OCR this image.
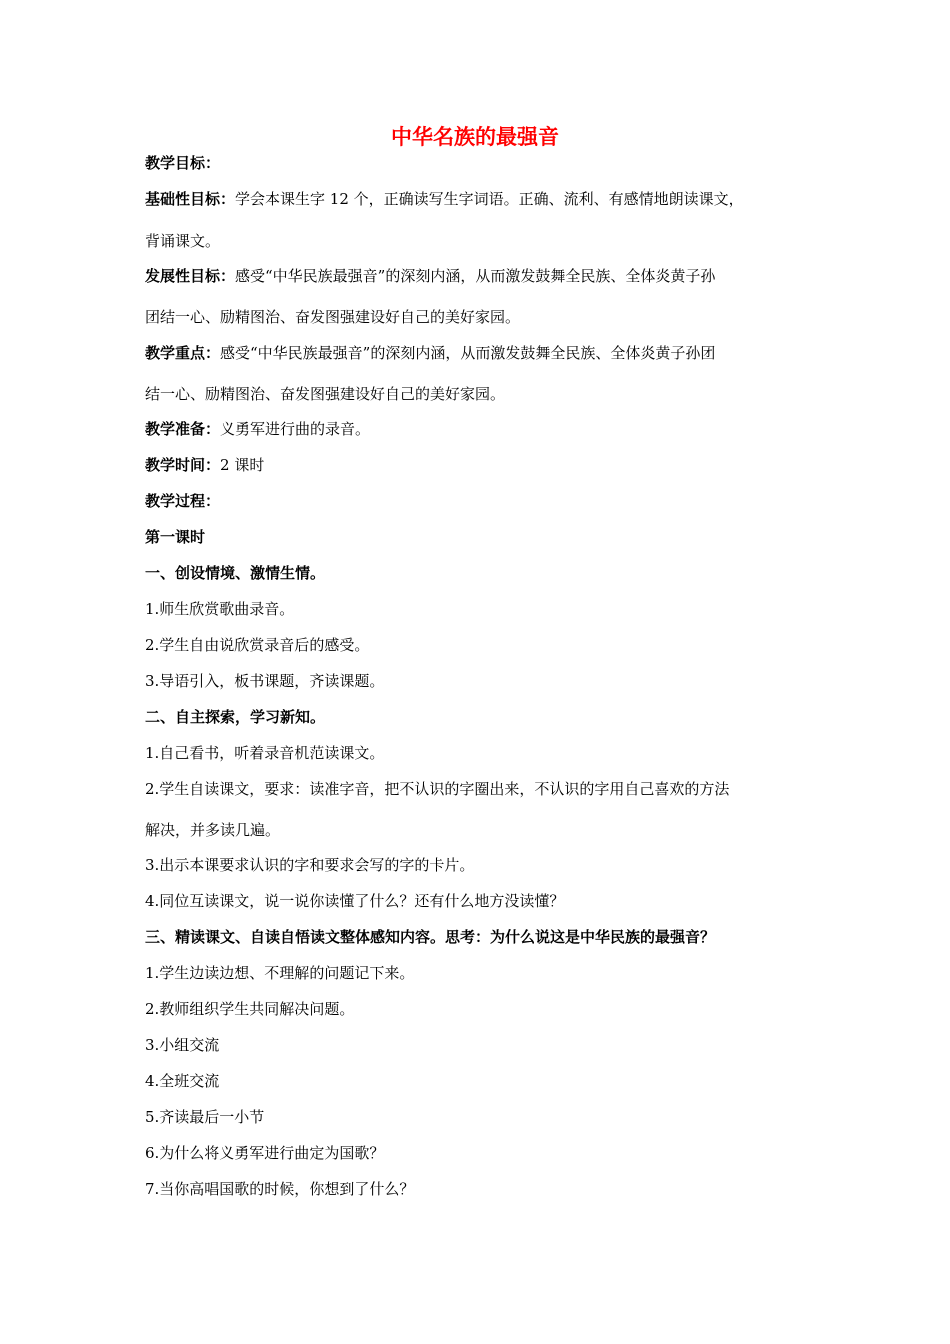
中华名族的最强音
教学目标：
基础性目标：学会本课生字 12 个，正确读写生字词语。正确、流利、有感情地朗读课文，
背诵课文。
发展性目标：感受“中华民族最强音”的深刻内涵，从而激发鼓舞全民族、全体炎黄子孙
团结一心、励精图治、奋发图强建设好自己的美好家园。
教学重点：感受“中华民族最强音”的深刻内涵，从而激发鼓舞全民族、全体炎黄子孙团
结一心、励精图治、奋发图强建设好自己的美好家园。
教学准备：义勇军进行曲的录音。
教学时间：2 课时
教学过程：
第一课时
一、创设情境、激情生情。
1.师生欣赏歌曲录音。
2.学生自由说欣赏录音后的感受。
3.导语引入，板书课题，齐读课题。
二、自主探索，学习新知。
1.自己看书，听着录音机范读课文。
2.学生自读课文，要求：读准字音，把不认识的字圈出来，不认识的字用自己喜欢的方法
解决，并多读几遍。
3.出示本课要求认识的字和要求会写的字的卡片。
4.同位互读课文，说一说你读懂了什么？还有什么地方没读懂？
三、精读课文、自读自悟读文整体感知内容。思考：为什么说这是中华民族的最强音？
1.学生边读边想、不理解的问题记下来。
2.教师组织学生共同解决问题。
3.小组交流
4.全班交流
5.齐读最后一小节
6.为什么将义勇军进行曲定为国歌？
7.当你高唱国歌的时候，你想到了什么？
